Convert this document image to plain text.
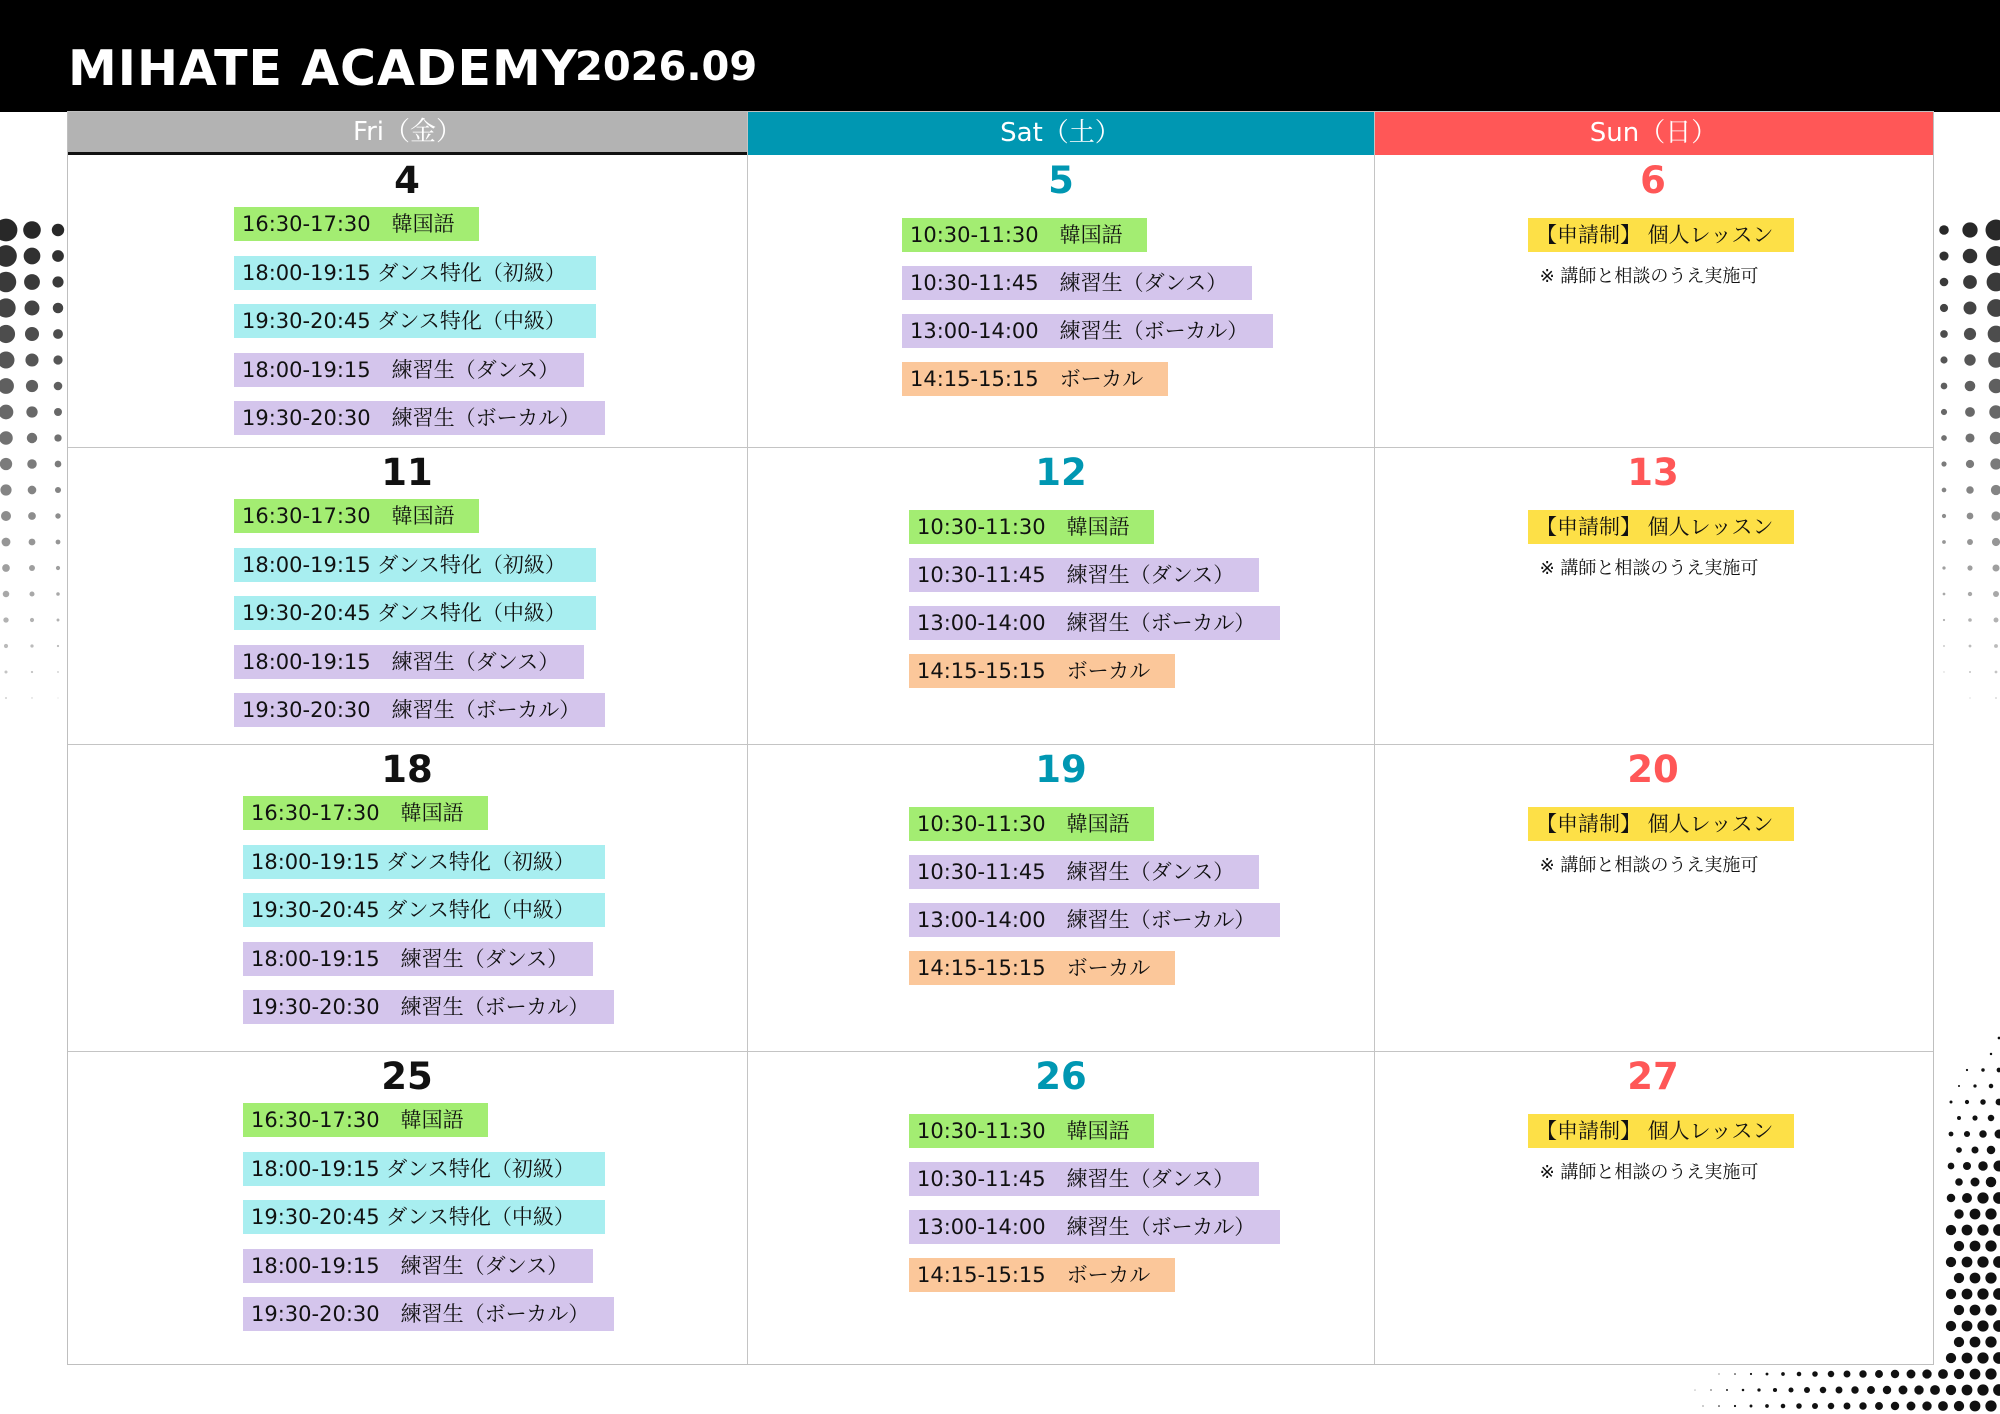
MIHATE ACADEMY
2026.09
Fri（金）	Sat（土）	Sun（日）
4
16:30-17:30　韓国語
18:00-19:15 ダンス特化（初級）
19:30-20:45 ダンス特化（中級）
18:00-19:15　練習生（ダンス）
19:30-20:30　練習生（ボーカル）
5
10:30-11:30　韓国語
10:30-11:45　練習生（ダンス）
13:00-14:00　練習生（ボーカル）
14:15-15:15　ボーカル
6
【申請制】 個人レッスン
※ 講師と相談のうえ実施可
11
16:30-17:30　韓国語
18:00-19:15 ダンス特化（初級）
19:30-20:45 ダンス特化（中級）
18:00-19:15　練習生（ダンス）
19:30-20:30　練習生（ボーカル）
12
10:30-11:30　韓国語
10:30-11:45　練習生（ダンス）
13:00-14:00　練習生（ボーカル）
14:15-15:15　ボーカル
13
【申請制】 個人レッスン
※ 講師と相談のうえ実施可
18
16:30-17:30　韓国語
18:00-19:15 ダンス特化（初級）
19:30-20:45 ダンス特化（中級）
18:00-19:15　練習生（ダンス）
19:30-20:30　練習生（ボーカル）
19
10:30-11:30　韓国語
10:30-11:45　練習生（ダンス）
13:00-14:00　練習生（ボーカル）
14:15-15:15　ボーカル
20
【申請制】 個人レッスン
※ 講師と相談のうえ実施可
25
16:30-17:30　韓国語
18:00-19:15 ダンス特化（初級）
19:30-20:45 ダンス特化（中級）
18:00-19:15　練習生（ダンス）
19:30-20:30　練習生（ボーカル）
26
10:30-11:30　韓国語
10:30-11:45　練習生（ダンス）
13:00-14:00　練習生（ボーカル）
14:15-15:15　ボーカル
27
【申請制】 個人レッスン
※ 講師と相談のうえ実施可
